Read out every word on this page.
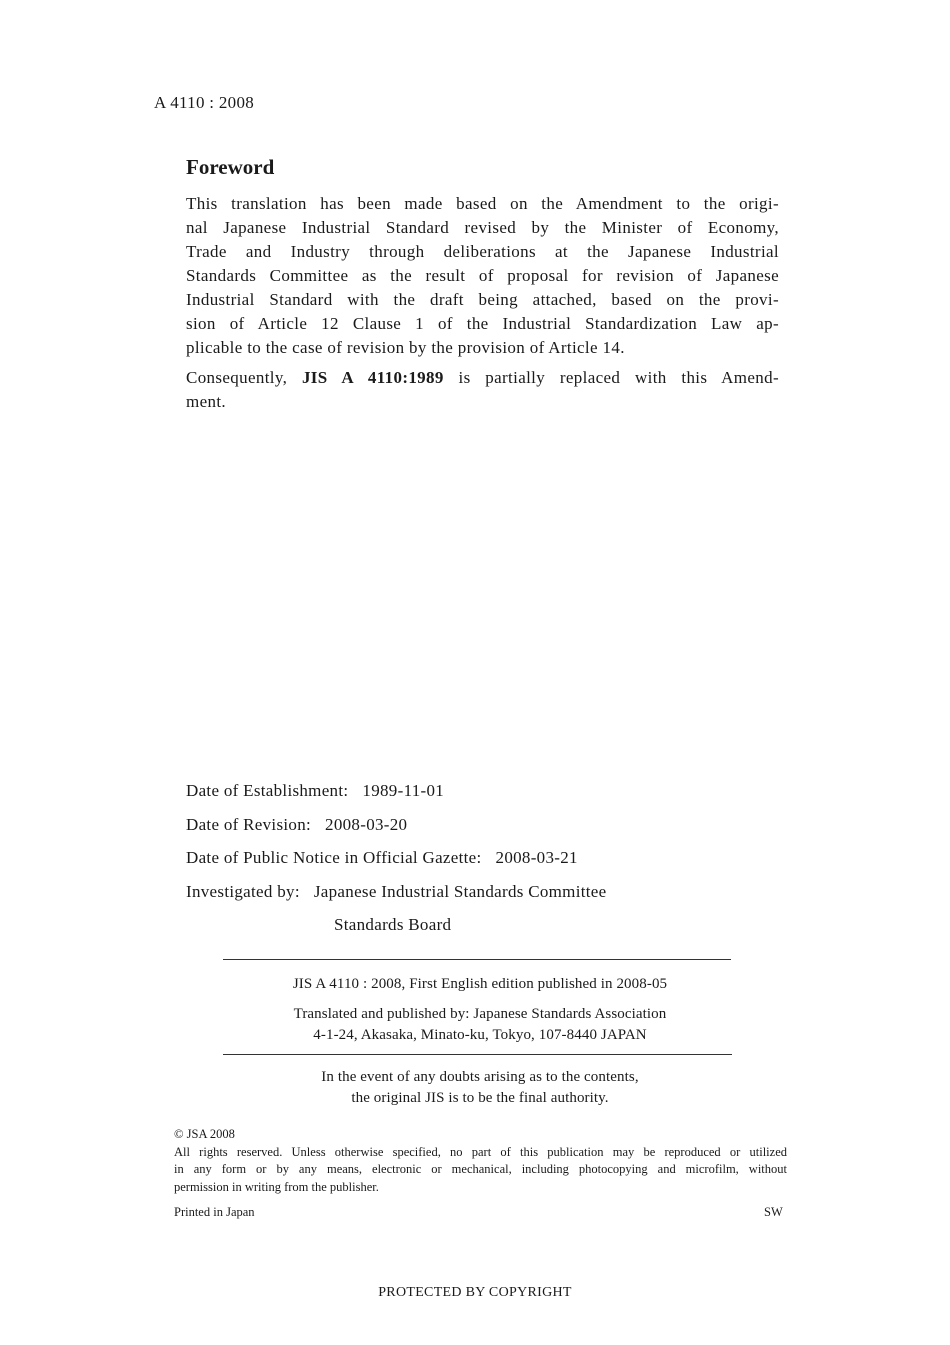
A 4110 : 2008
Foreword

This translation has been made based on the Amendment to the origi-
nal Japanese Industrial Standard revised by the Minister of Economy,
Trade and Industry through deliberations at the Japanese Industrial
Standards Committee as the result of proposal for revision of Japanese
Industrial Standard with the draft being attached, based on the provi-
sion of Article 12 Clause 1 of the Industrial Standardization Law ap-
plicable to the case of revision by the provision of Article 14.

Consequently, JIS A 4110:1989 is partially replaced with this Amend-
ment.

Date of Establishment: 1989-11-01
Date of Revision: 2008-03-20
Date of Public Notice in Official Gazette: 2008-03-21
Investigated by: Japanese Industrial Standards Committee
Standards Board
JIS A 4110 : 2008, First English edition published in 2008-05
Translated and published by: Japanese Standards Association
4-1-24, Akasaka, Minato-ku, Tokyo, 107-8440 JAPAN
In the event of any doubts arising as to the contents,
the original JIS is to be the final authority.
© JSA 2008
All rights reserved. Unless otherwise specified, no part of this publication may be reproduced or utilized
in any form or by any means, electronic or mechanical, including photocopying and microfilm, without
permission in writing from the publisher.
Printed in Japan	SW
PROTECTED BY COPYRIGHT
